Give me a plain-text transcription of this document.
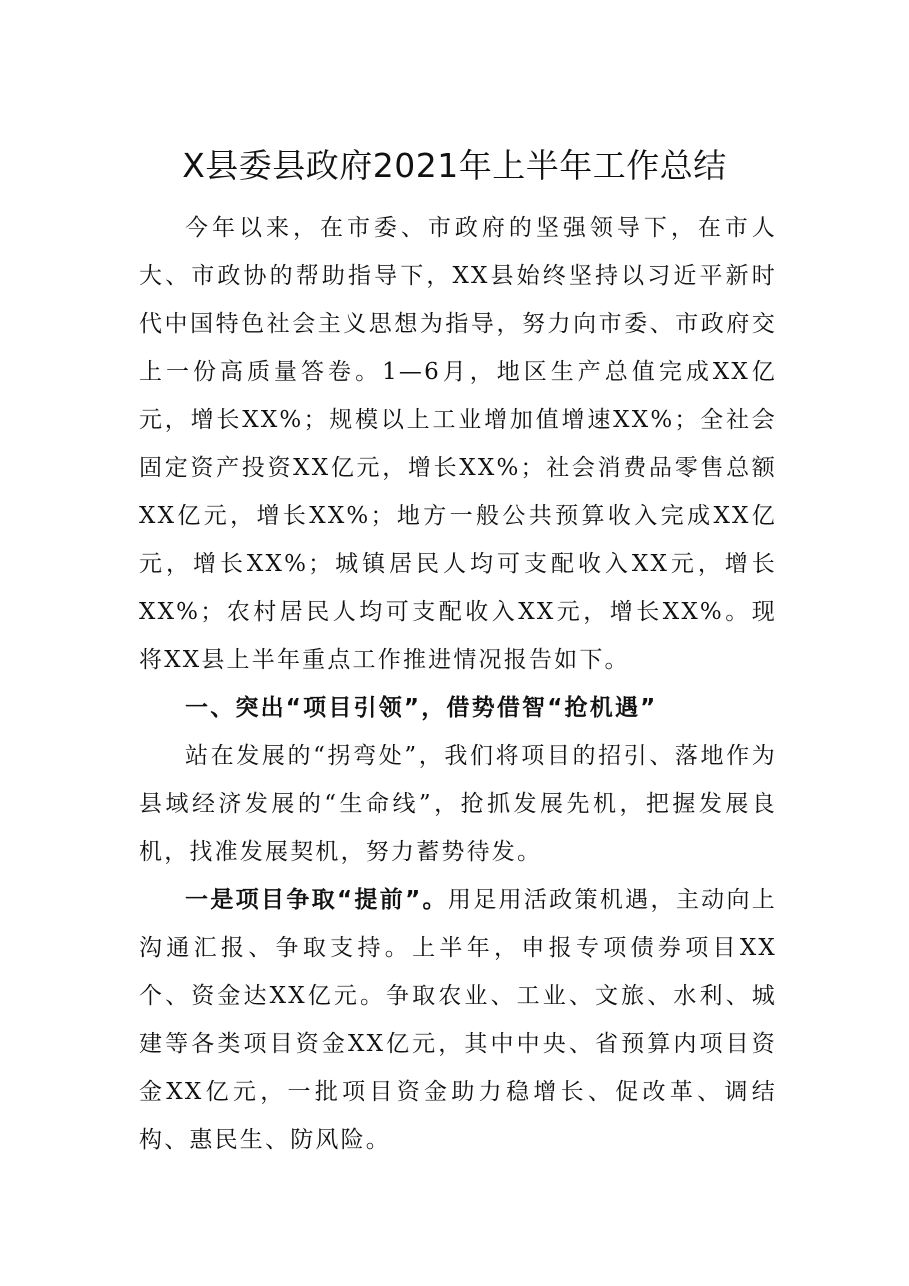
X县委县政府2021年上半年工作总结

今年以来，在市委、市政府的坚强领导下，在市人大、市政协的帮助指导下，XX县始终坚持以习近平新时代中国特色社会主义思想为指导，努力向市委、市政府交上一份高质量答卷。1—6月，地区生产总值完成XX亿元，增长XX%；规模以上工业增加值增速XX%；全社会固定资产投资XX亿元，增长XX%；社会消费品零售总额XX亿元，增长XX%；地方一般公共预算收入完成XX亿元，增长XX%；城镇居民人均可支配收入XX元，增长XX%；农村居民人均可支配收入XX元，增长XX%。现将XX县上半年重点工作推进情况报告如下。

一、突出“项目引领”，借势借智“抢机遇”

站在发展的“拐弯处”，我们将项目的招引、落地作为县域经济发展的“生命线”，抢抓发展先机，把握发展良机，找准发展契机，努力蓄势待发。

一是项目争取“提前”。用足用活政策机遇，主动向上沟通汇报、争取支持。上半年，申报专项债券项目XX个、资金达XX亿元。争取农业、工业、文旅、水利、城建等各类项目资金XX亿元，其中中央、省预算内项目资金XX亿元，一批项目资金助力稳增长、促改革、调结构、惠民生、防风险。
